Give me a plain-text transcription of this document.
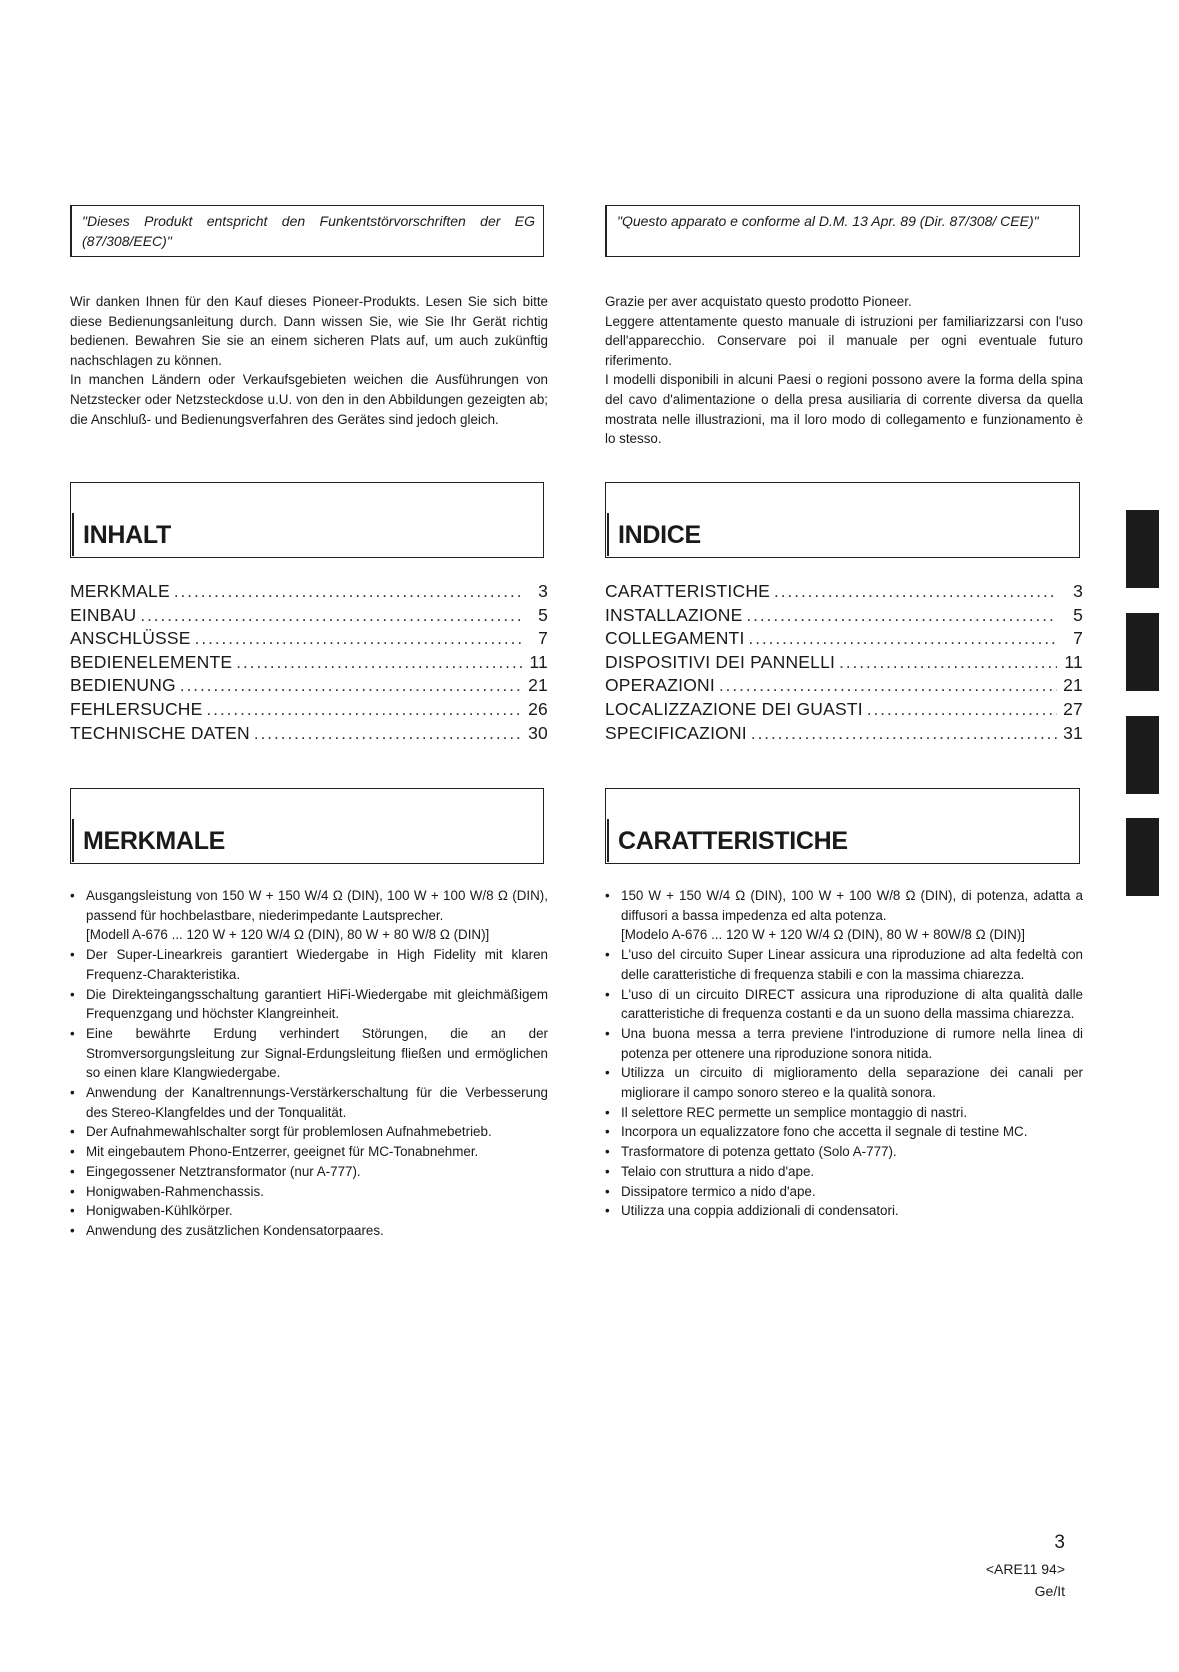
"Dieses Produkt entspricht den Funkentstörvorschriften der EG (87/308/EEC)"
"Questo apparato e conforme al D.M. 13 Apr. 89 (Dir. 87/308/ CEE)"

Wir danken Ihnen für den Kauf dieses Pioneer-Produkts. Lesen Sie sich bitte diese Bedienungsanleitung durch. Dann wissen Sie, wie Sie Ihr Gerät richtig bedienen. Bewahren Sie sie an einem sicheren Plats auf, um auch zukünftig nachschlagen zu können.

In manchen Ländern oder Verkaufsgebieten weichen die Ausführungen von Netzstecker oder Netzsteckdose u.U. von den in den Abbildungen gezeigten ab; die Anschluß- und Bedienungsverfahren des Gerätes sind jedoch gleich.

Grazie per aver acquistato questo prodotto Pioneer.

Leggere attentamente questo manuale di istruzioni per familiarizzarsi con l'uso dell'apparecchio. Conservare poi il manuale per ogni eventuale futuro riferimento.

I modelli disponibili in alcuni Paesi o regioni possono avere la forma della spina del cavo d'alimentazione o della presa ausiliaria di corrente diversa da quella mostrata nelle illustrazioni, ma il loro modo di collegamento e funzionamento è lo stesso.

INHALT	INDICE
MERKMALE .....	3
EINBAU .....	5
ANSCHLÜSSE .....	7
BEDIENELEMENTE .....	11
BEDIENUNG .....	21
FEHLERSUCHE .....	26
TECHNISCHE DATEN .....	30
CARATTERISTICHE .....	3
INSTALLAZIONE .....	5
COLLEGAMENTI .....	7
DISPOSITIVI DEI PANNELLI .....	11
OPERAZIONI .....	21
LOCALIZZAZIONE DEI GUASTI .....	27
SPECIFICAZIONI .....	31
MERKMALE	CARATTERISTICHE
• Ausgangsleistung von 150 W + 150 W/4 Ω (DIN), 100 W + 100 W/8 Ω (DIN), passend für hochbelastbare, niederimpedante Lautsprecher.
[Modell A-676 ... 120 W + 120 W/4 Ω (DIN), 80 W + 80 W/8 Ω (DIN)]
• Der Super-Linearkreis garantiert Wiedergabe in High Fidelity mit klaren Frequenz-Charakteristika.
• Die Direkteingangsschaltung garantiert HiFi-Wiedergabe mit gleichmäßigem Frequenzgang und höchster Klangreinheit.
• Eine bewährte Erdung verhindert Störungen, die an der Stromversorgungsleitung zur Signal-Erdungsleitung fließen und ermöglichen so einen klare Klangwiedergabe.
• Anwendung der Kanaltrennungs-Verstärkerschaltung für die Verbesserung des Stereo-Klangfeldes und der Tonqualität.
• Der Aufnahmewahlschalter sorgt für problemlosen Aufnahmebetrieb.
• Mit eingebautem Phono-Entzerrer, geeignet für MC-Tonabnehmer.
• Eingegossener Netztransformator (nur A-777).
• Honigwaben-Rahmenchassis.
• Honigwaben-Kühlkörper.
• Anwendung des zusätzlichen Kondensatorpaares.
• 150 W + 150 W/4 Ω (DIN), 100 W + 100 W/8 Ω (DIN), di potenza, adatta a diffusori a bassa impedenza ed alta potenza.
[Modelo A-676 ... 120 W + 120 W/4 Ω (DIN), 80 W + 80W/8 Ω (DIN)]
• L'uso del circuito Super Linear assicura una riproduzione ad alta fedeltà con delle caratteristiche di frequenza stabili e con la massima chiarezza.
• L'uso di un circuito DIRECT assicura una riproduzione di alta qualità dalle caratteristiche di frequenza costanti e da un suono della massima chiarezza.
• Una buona messa a terra previene l'introduzione di rumore nella linea di potenza per ottenere una riproduzione sonora nitida.
• Utilizza un circuito di miglioramento della separazione dei canali per migliorare il campo sonoro stereo e la qualità sonora.
• Il selettore REC permette un semplice montaggio di nastri.
• Incorpora un equalizzatore fono che accetta il segnale di testine MC.
• Trasformatore di potenza gettato (Solo A-777).
• Telaio con struttura a nido d'ape.
• Dissipatore termico a nido d'ape.
• Utilizza una coppia addizionali di condensatori.
3
<ARE11 94>
Ge/It
